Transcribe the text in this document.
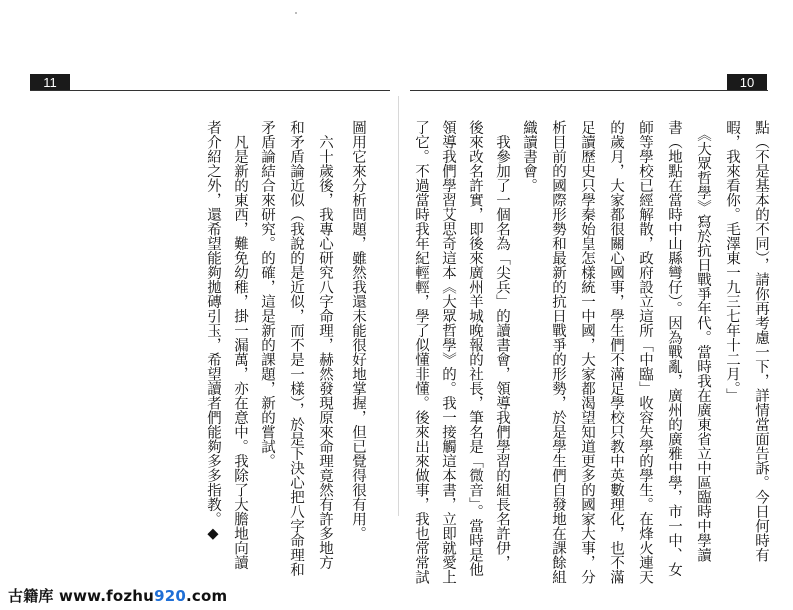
11	10
圖用它來分析問題，雖然我還未能很好地掌握，但已覺得很有用。
　六十歲後，我專心研究八字命理，赫然發現原來命理竟然有許多地方
和矛盾論近似（我說的是近似，而不是一樣），於是下決心把八字命理和
矛盾論結合來研究。的確，這是新的課題，新的嘗試。
　凡是新的東西，難免幼稚，掛一漏萬，亦在意中。我除了大膽地向讀
者介紹之外，還希望能夠拋磚引玉，希望讀者們能夠多多指教。◆	點（不是基本的不同），請你再考慮一下，詳情當面告訴。今日何時有
暇，我來看你。毛澤東一九三七年十二月。」
　《大眾哲學》寫於抗日戰爭年代。當時我在廣東省立中區臨時中學讀
書（地點在當時中山縣彎仔）。因為戰亂，廣州的廣雅中學，市一中、女
師等學校已經解散，政府設立這所「中臨」收容失學的學生。在烽火連天
的歲月，大家都很關心國事，學生們不滿足學校只教中英數理化，也不滿
足讀歷史只學秦始皇怎樣統一中國，大家都渴望知道更多的國家大事，分
析目前的國際形勢和最新的抗日戰爭的形勢，於是學生們自發地在課餘組
織讀書會。
　我參加了一個名為「尖兵」的讀書會，領導我們學習的組長名許伊，
後來改名許實，即後來廣州羊城晚報的社長，筆名是「微音」。當時是他
領導我們學習艾思奇這本《大眾哲學》的。我一接觸這本書，立即就愛上
了它。不過當時我年紀輕輕，學了似懂非懂。後來出來做事，我也常常試
古籍库 www.fozhu920.com
